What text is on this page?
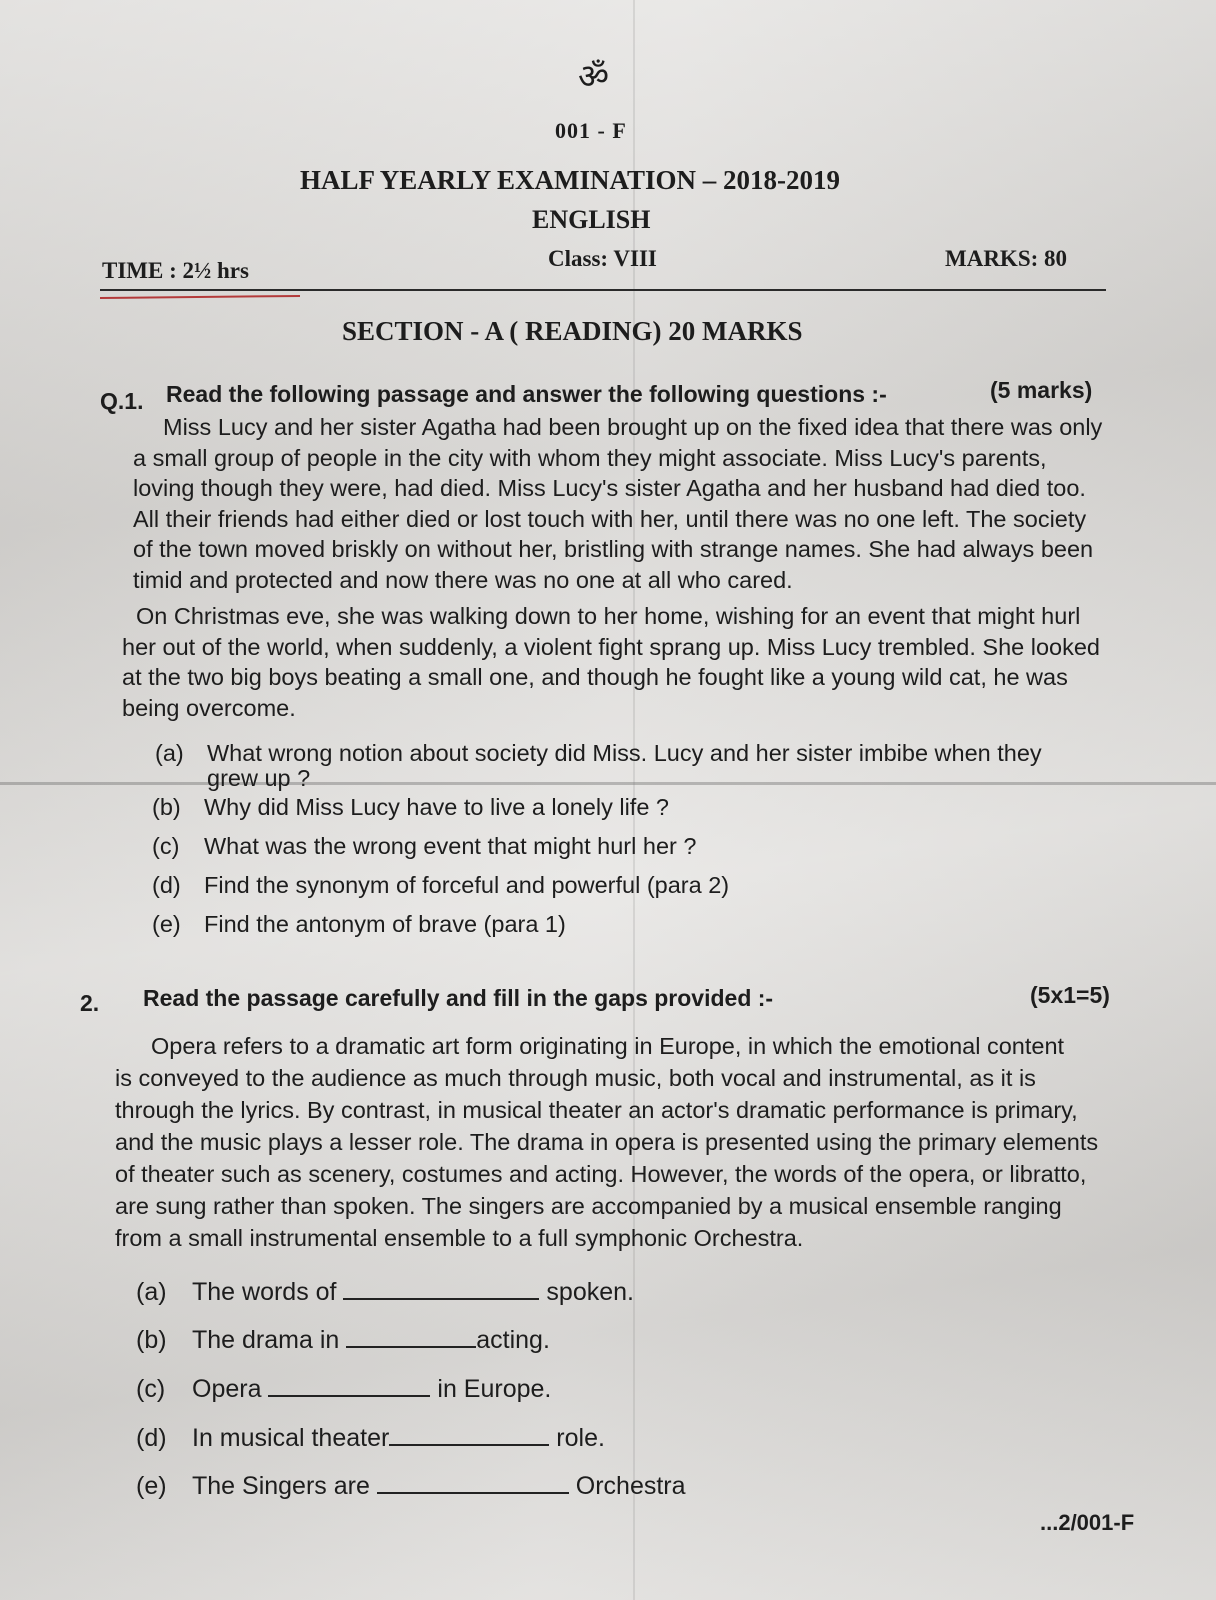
ॐ
001 - F
HALF YEARLY EXAMINATION – 2018-2019
ENGLISH
TIME : 2½ hrs	Class: VIII	MARKS: 80
SECTION - A ( READING) 20 MARKS
Q.1. Read the following passage and answer the following questions :-	(5 marks)
Miss Lucy and her sister Agatha had been brought up on the fixed idea that there was only
a small group of people in the city with whom they might associate. Miss Lucy's parents,
loving though they were, had died. Miss Lucy's sister Agatha and her husband had died too.
All their friends had either died or lost touch with her, until there was no one left. The society
of the town moved briskly on without her, bristling with strange names. She had always been
timid and protected and now there was no one at all who cared.
On Christmas eve, she was walking down to her home, wishing for an event that might hurl
her out of the world, when suddenly, a violent fight sprang up. Miss Lucy trembled. She looked
at the two big boys beating a small one, and though he fought like a young wild cat, he was
being overcome.
(a) What wrong notion about society did Miss. Lucy and her sister imbibe when they
grew up ?
(b) Why did Miss Lucy have to live a lonely life ?
(c) What was the wrong event that might hurl her ?
(d) Find the synonym of forceful and powerful (para 2)
(e) Find the antonym of brave (para 1)
2. Read the passage carefully and fill in the gaps provided :-	(5x1=5)
Opera refers to a dramatic art form originating in Europe, in which the emotional content
is conveyed to the audience as much through music, both vocal and instrumental, as it is
through the lyrics. By contrast, in musical theater an actor's dramatic performance is primary,
and the music plays a lesser role. The drama in opera is presented using the primary elements
of theater such as scenery, costumes and acting. However, the words of the opera, or libratto,
are sung rather than spoken. The singers are accompanied by a musical ensemble ranging
from a small instrumental ensemble to a full symphonic Orchestra.
(a) The words of	spoken.
(b) The drama in	acting.
(c) Opera	in Europe.
(d) In musical theater	role.
(e) The Singers are	Orchestra
...2/001-F
